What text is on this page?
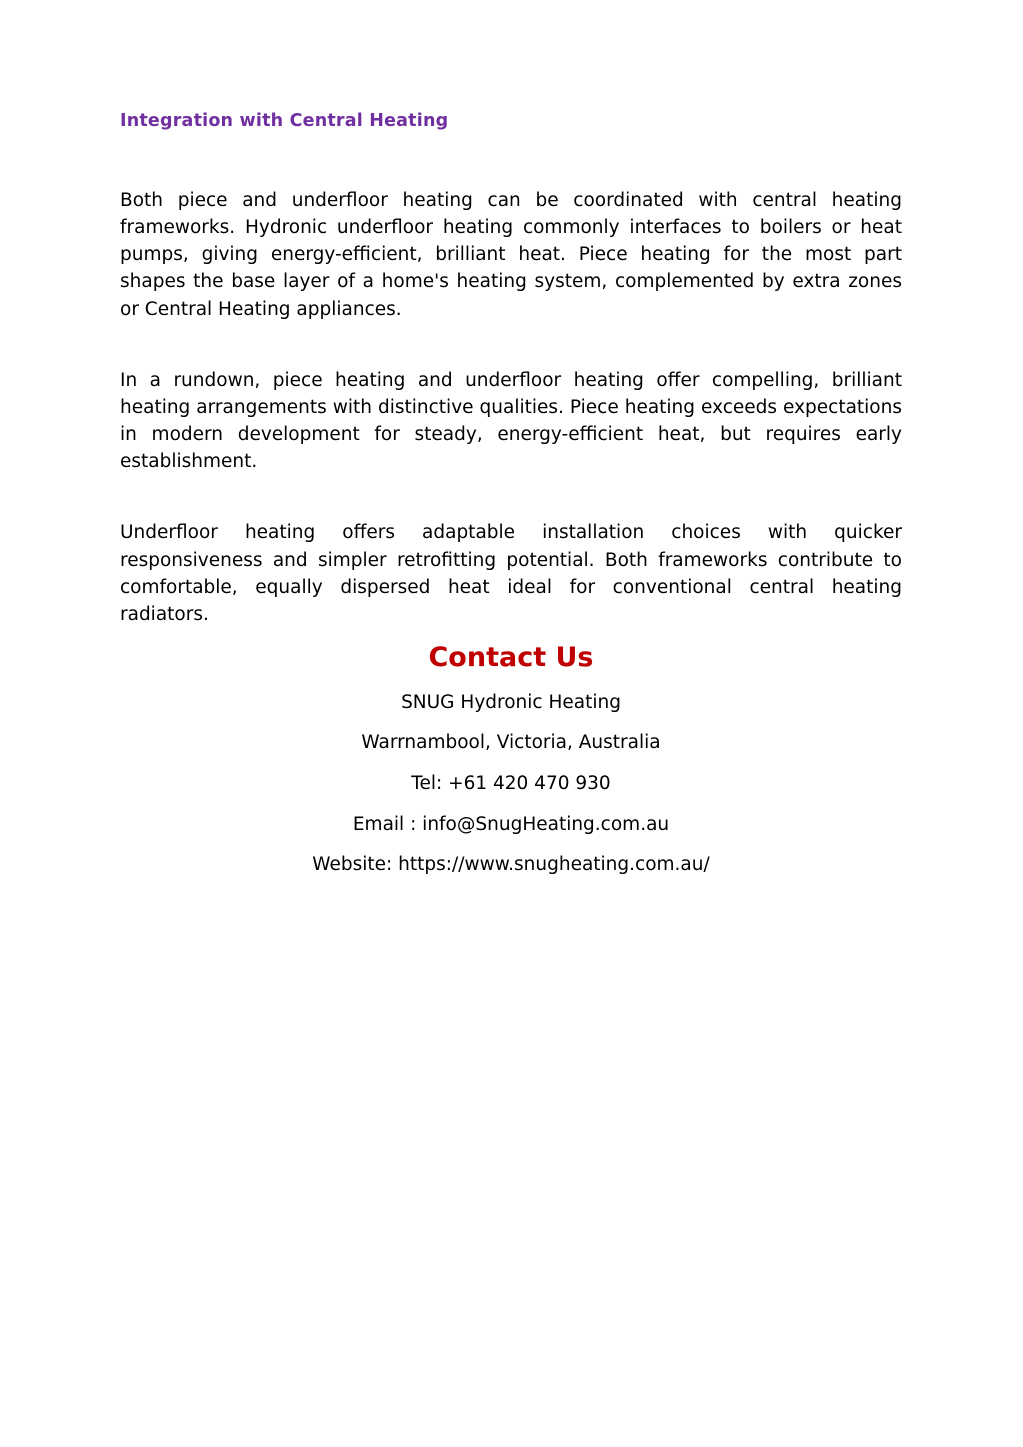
Integration with Central Heating

Both piece and underfloor heating can be coordinated with central heating frameworks. Hydronic underfloor heating commonly interfaces to boilers or heat pumps, giving energy-efficient, brilliant heat. Piece heating for the most part shapes the base layer of a home's heating system, complemented by extra zones or Central Heating appliances.

In a rundown, piece heating and underfloor heating offer compelling, brilliant heating arrangements with distinctive qualities. Piece heating exceeds expectations in modern development for steady, energy-efficient heat, but requires early establishment.

Underfloor heating offers adaptable installation choices with quicker responsiveness and simpler retrofitting potential. Both frameworks contribute to comfortable, equally dispersed heat ideal for conventional central heating radiators.

Contact Us
SNUG Hydronic Heating
Warrnambool, Victoria, Australia
Tel: +61 420 470 930
Email : info@SnugHeating.com.au
Website: https://www.snugheating.com.au/
